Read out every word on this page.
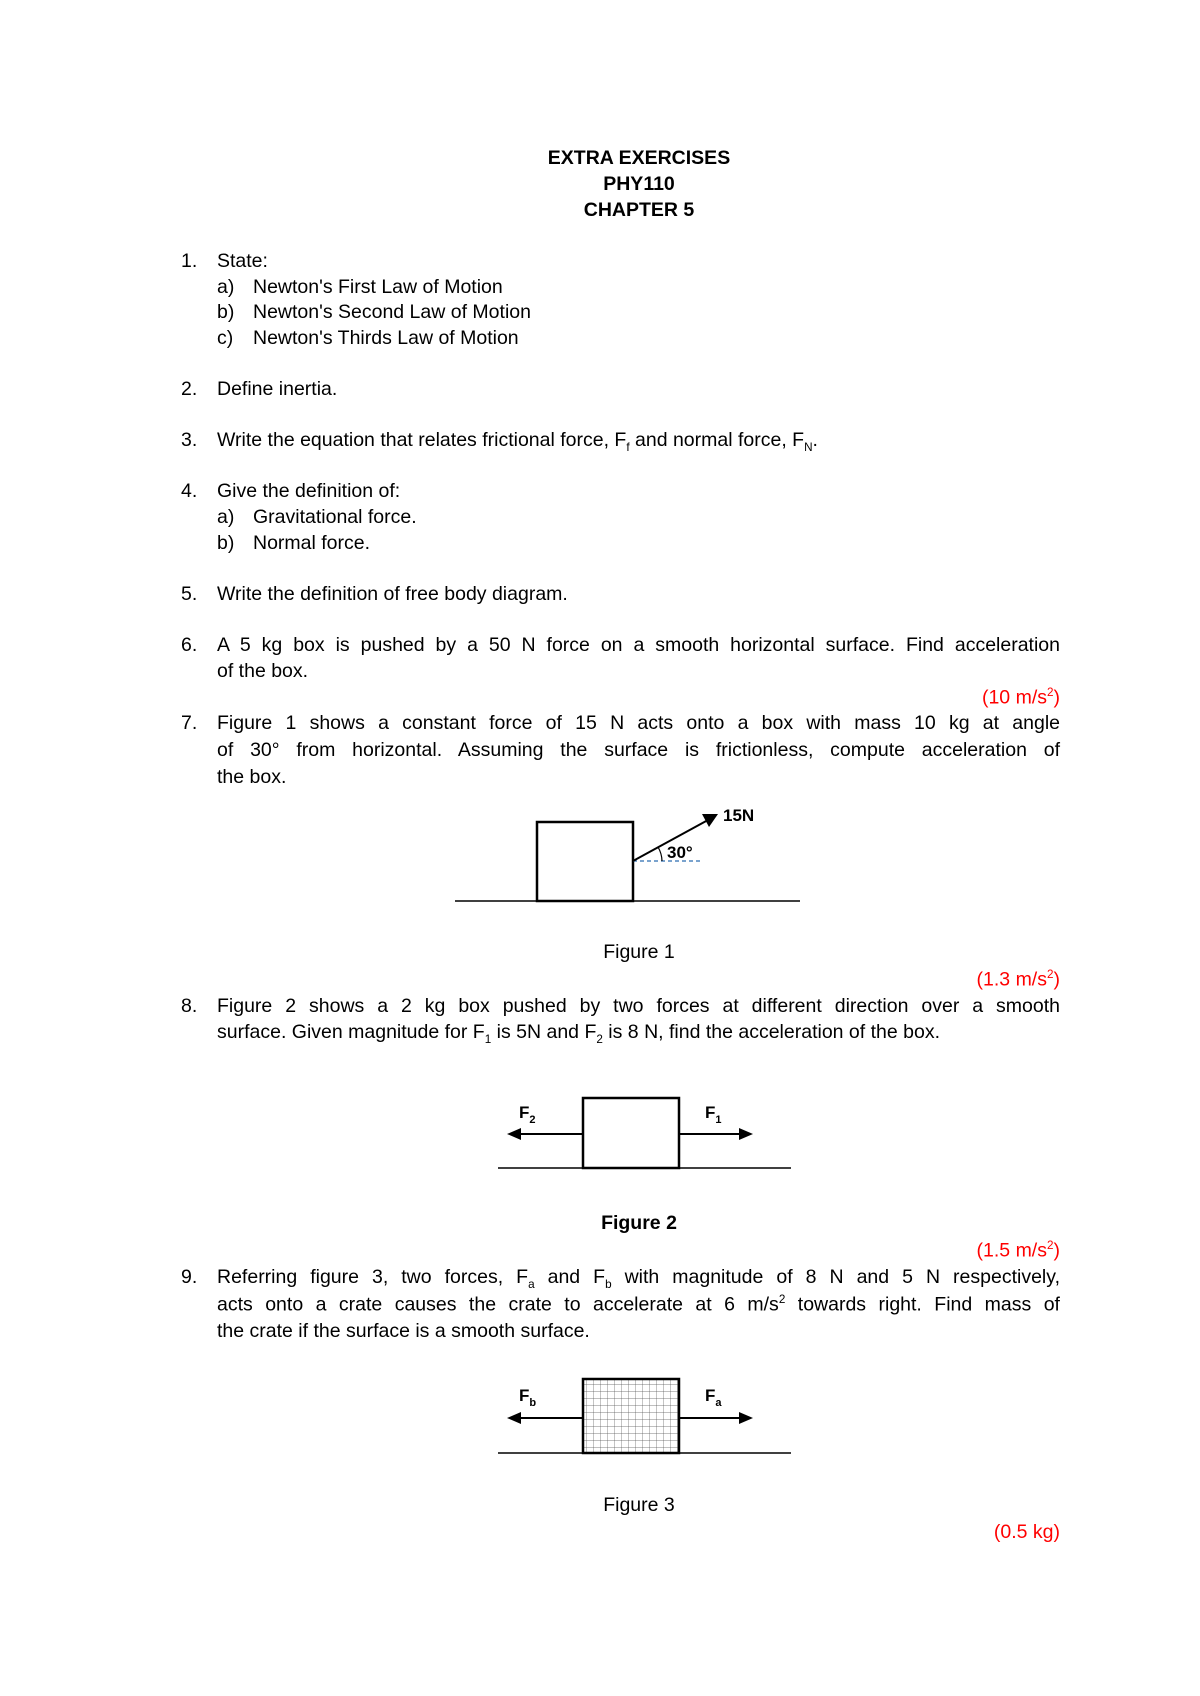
EXTRA EXERCISES
PHY110
CHAPTER 5
1. State:
a) Newton's First Law of Motion
b) Newton's Second Law of Motion
c) Newton's Thirds Law of Motion
2. Define inertia.
3. Write the equation that relates frictional force, $F_f$ and normal force, $F_N$.
4. Give the definition of:
a) Gravitational force.
b) Normal force.
5. Write the definition of free body diagram.
6. A 5 kg box is pushed by a 50 N force on a smooth horizontal surface. Find acceleration
of the box.
(10 $m/s^2$)
7. Figure 1 shows a constant force of 15 N acts onto a box with mass 10 kg at angle
of 30° from horizontal. Assuming the surface is frictionless, compute acceleration of
the box.
15N
30°
Figure 1
(1.3 $m/s^2$)
8. Figure 2 shows a 2 kg box pushed by two forces at different direction over a smooth
surface. Given magnitude for $F_1$ is 5N and $F_2$ is 8 N, find the acceleration of the box.
$F_2$	$F_1$
Figure 2
(1.5 $m/s^2$)
9. Referring figure 3, two forces, $F_a$ and $F_b$ with magnitude of 8 N and 5 N respectively,
acts onto a crate causes the crate to accelerate at 6 $m/s^2$ towards right. Find mass of
the crate if the surface is a smooth surface.
$F_b$	$F_a$
Figure 3
(0.5 kg)
